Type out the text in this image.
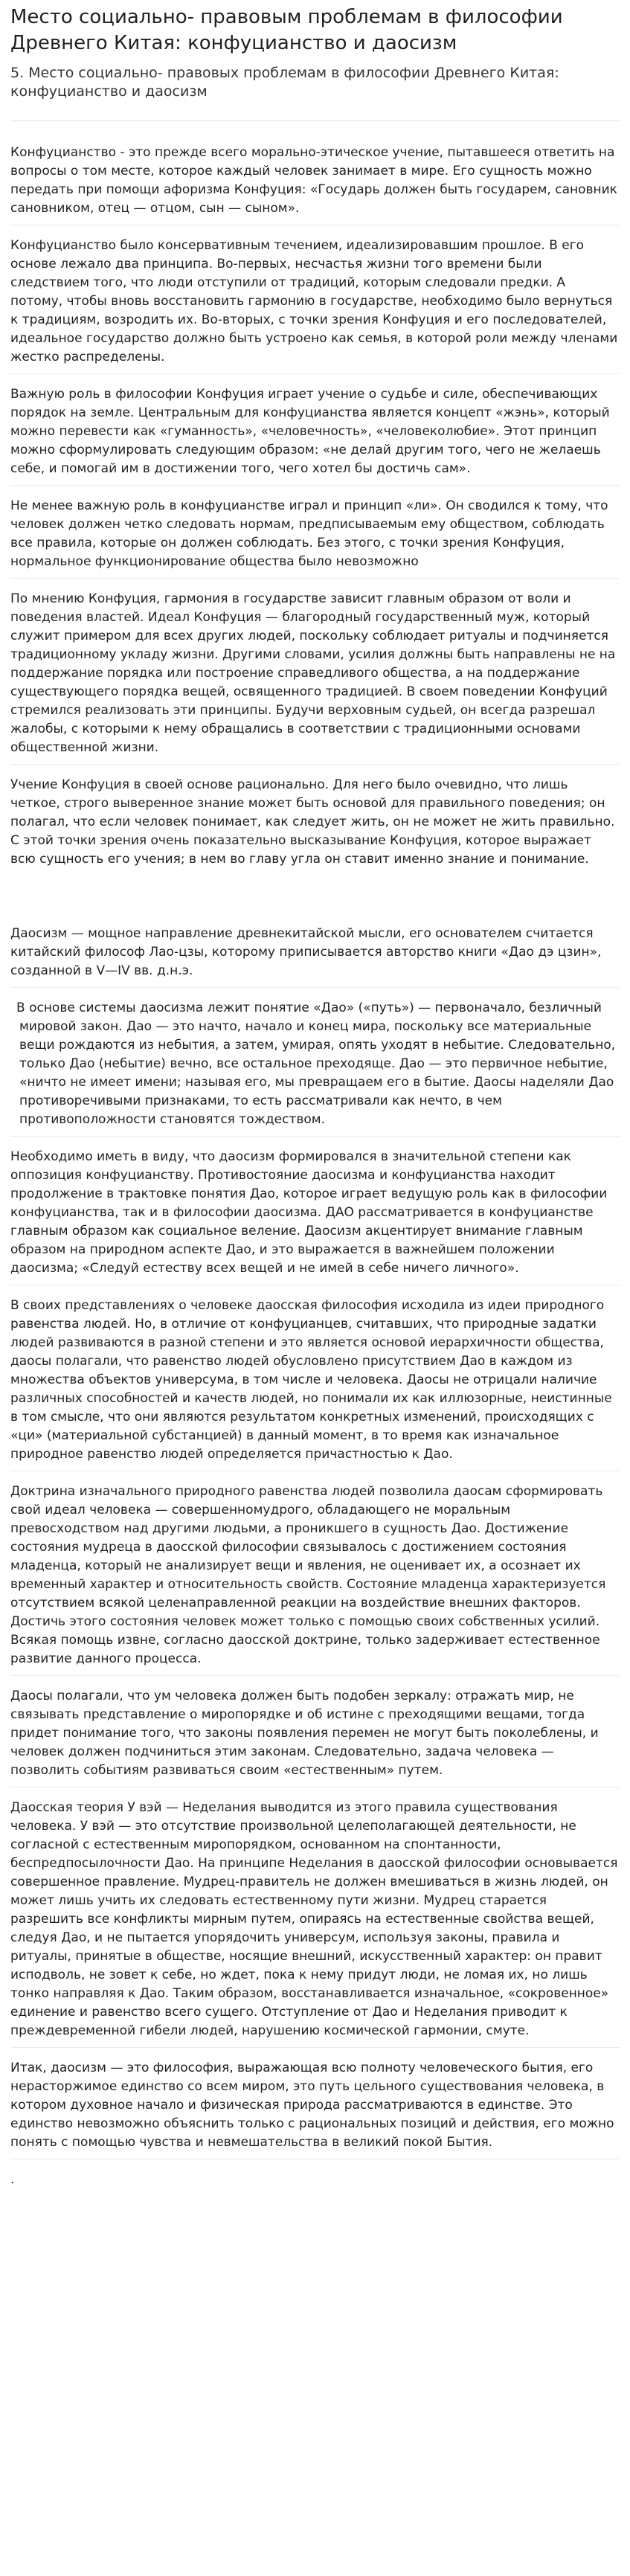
Место социально- правовым проблемам в философии Древнего Китая: конфуцианство и даосизм

5. Место социально- правовых проблемам в философии Древнего Китая: конфуцианство и даосизм

Конфуцианство - это прежде всего морально-этическое учение, пытавшееся ответить на вопросы о том месте, которое каждый человек занимает в мире. Его сущность можно передать при помощи афоризма Конфуция: «Государь должен быть государем, сановник сановником, отец — отцом, сын — сыном».

Конфуцианство было консервативным течением, идеализировавшим прошлое. В его основе лежало два принципа. Во-первых, несчастья жизни того времени были следствием того, что люди отступили от традиций, которым следовали предки. А потому, чтобы вновь восстановить гармонию в государстве, необходимо было вернуться к традициям, возродить их. Во-вторых, с точки зрения Конфуция и его последователей, идеальное государство должно быть устроено как семья, в которой роли между членами жестко распределены.

Важную роль в философии Конфуция играет учение о судьбе и силе, обеспечивающих порядок на земле. Центральным для конфуцианства является концепт «жэнь», который можно перевести как «гуманность», «человечность», «человеколюбие». Этот принцип можно сформулировать следующим образом: «не делай другим того, чего не желаешь себе, и помогай им в достижении того, чего хотел бы достичь сам».

Не менее важную роль в конфуцианстве играл и принцип «ли». Он сводился к тому, что человек должен четко следовать нормам, предписываемым ему обществом, соблюдать все правила, которые он должен соблюдать. Без этого, с точки зрения Конфуция, нормальное функционирование общества было невозможно

По мнению Конфуция, гармония в государстве зависит главным образом от воли и поведения властей. Идеал Конфуция — благородный государственный муж, который служит примером для всех других людей, поскольку соблюдает ритуалы и подчиняется традиционному укладу жизни. Другими словами, усилия должны быть направлены не на поддержание порядка или построение справедливого общества, а на поддержание существующего порядка вещей, освященного традицией. В своем поведении Конфуций стремился реализовать эти принципы. Будучи верховным судьей, он всегда разрешал жалобы, с которыми к нему обращались в соответствии с традиционными основами общественной жизни.

Учение Конфуция в своей основе рационально. Для него было очевидно, что лишь четкое, строго выверенное знание может быть основой для правильного поведения; он полагал, что если человек понимает, как следует жить, он не может не жить правильно. С этой точки зрения очень показательно высказывание Конфуция, которое выражает всю сущность его учения; в нем во главу угла он ставит именно знание и понимание.

Даосизм — мощное направление древнекитайской мысли, его основателем считается китайский философ Лао-цзы, которому приписывается авторство книги «Дао дэ цзин», созданной в V—IV вв. д.н.э.

В основе системы даосизма лежит понятие «Дао» («путь») — первоначало, безличный мировой закон. Дао — это начто, начало и конец мира, поскольку все материальные вещи рождаются из небытия, а затем, умирая, опять уходят в небытие. Следовательно, только Дао (небытие) вечно, все остальное преходяще. Дао — это первичное небытие, «ничто не имеет имени; называя его, мы превращаем его в бытие. Даосы наделяли Дао противоречивыми признаками, то есть рассматривали как нечто, в чем противоположности становятся тождеством.

Необходимо иметь в виду, что даосизм формировался в значительной степени как оппозиция конфуцианству. Противостояние даосизма и конфуцианства находит продолжение в трактовке понятия Дао, которое играет ведущую роль как в философии конфуцианства, так и в философии даосизма. ДАО рассматривается в конфуцианстве главным образом как социальное веление. Даосизм акцентирует внимание главным образом на природном аспекте Дао, и это выражается в важнейшем положении даосизма; «Следуй естеству всех вещей и не имей в себе ничего личного».

В своих представлениях о человеке даосская философия исходила из идеи природного равенства людей. Но, в отличие от конфуцианцев, считавших, что природные задатки людей развиваются в разной степени и это является основой иерархичности общества, даосы полагали, что равенство людей обусловлено присутствием Дао в каждом из множества объектов универсума, в том числе и человека. Даосы не отрицали наличие различных способностей и качеств людей, но понимали их как иллюзорные, неистинные в том смысле, что они являются результатом конкретных изменений, происходящих с «ци» (материальной субстанцией) в данный момент, в то время как изначальное природное равенство людей определяется причастностью к Дао.

Доктрина изначального природного равенства людей позволила даосам сформировать свой идеал человека — совершенномудрого, обладающего не моральным превосходством над другими людьми, а проникшего в сущность Дао. Достижение состояния мудреца в даосской философии связывалось с достижением состояния младенца, который не анализирует вещи и явления, не оценивает их, а осознает их временный характер и относительность свойств. Состояние младенца характеризуется отсутствием всякой целенаправленной реакции на воздействие внешних факторов. Достичь этого состояния человек может только с помощью своих собственных усилий. Всякая помощь извне, согласно даосской доктрине, только задерживает естественное развитие данного процесса.

Даосы полагали, что ум человека должен быть подобен зеркалу: отражать мир, не связывать представление о миропорядке и об истине с преходящими вещами, тогда придет понимание того, что законы появления перемен не могут быть поколеблены, и человек должен подчиниться этим законам. Следовательно, задача человека — позволить событиям развиваться своим «естественным» путем.

Даосская теория У вэй — Неделания выводится из этого правила существования человека. У вэй — это отсутствие произвольной целеполагающей деятельности, не согласной с естественным миропорядком, основанном на спонтанности, беспредпосылочности Дао. На принципе Неделания в даосской философии основывается совершенное правление. Мудрец-правитель не должен вмешиваться в жизнь людей, он может лишь учить их следовать естественному пути жизни. Мудрец старается разрешить все конфликты мирным путем, опираясь на естественные свойства вещей, следуя Дао, и не пытается упорядочить универсум, используя законы, правила и ритуалы, принятые в обществе, носящие внешний, искусственный характер: он правит исподволь, не зовет к себе, но ждет, пока к нему придут люди, не ломая их, но лишь тонко направляя к Дао. Таким образом, восстанавливается изначальное, «сокровенное» единение и равенство всего сущего. Отступление от Дао и Неделания приводит к преждевременной гибели людей, нарушению космической гармонии, смуте.

Итак, даосизм — это философия, выражающая всю полноту человеческого бытия, его нерасторжимое единство со всем миром, это путь цельного существования человека, в котором духовное начало и физическая природа рассматриваются в единстве. Это единство невозможно объяснить только с рациональных позиций и действия, его можно понять с помощью чувства и невмешательства в великий покой Бытия.

.
